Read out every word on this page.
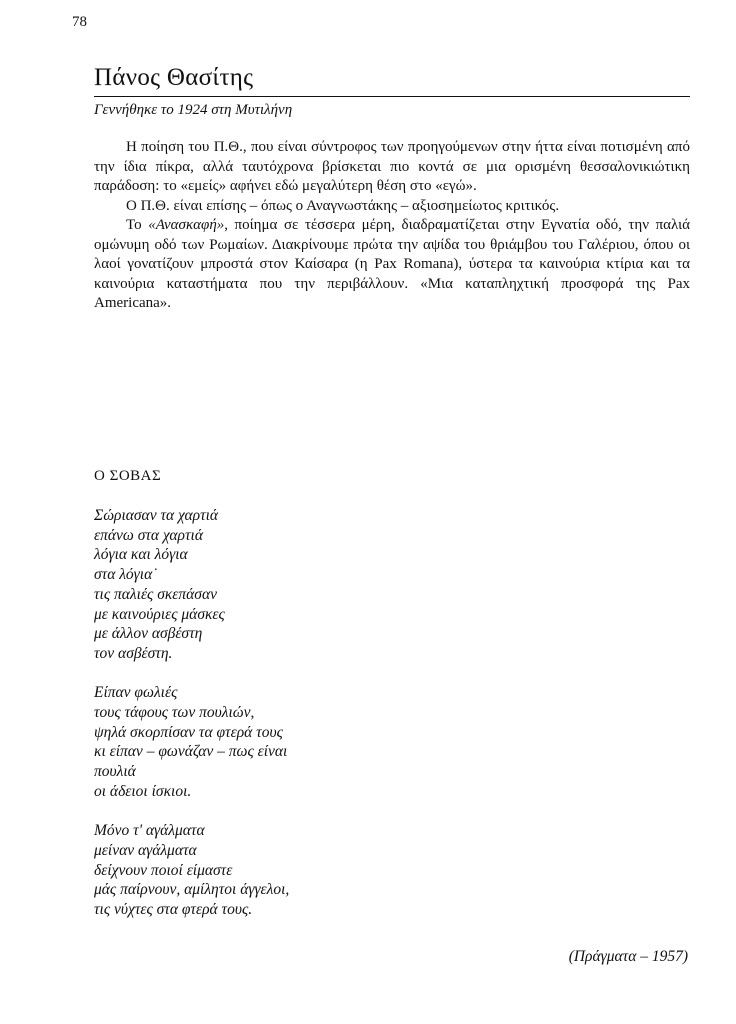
78
Πάνος Θασίτης
Γεννήθηκε το 1924 στη Μυτιλήνη

Η ποίηση του Π.Θ., που είναι σύντροφος των προηγούμενων στην ήττα είναι ποτισμένη από την ίδια πίκρα, αλλά ταυτόχρονα βρίσκεται πιο κοντά σε μια ορισμένη θεσσαλονικιώτικη παράδοση: το «εμείς» αφήνει εδώ μεγαλύτερη θέση στο «εγώ».

Ο Π.Θ. είναι επίσης – όπως ο Αναγνωστάκης – αξιοσημείωτος κριτικός.

Το «Ανασκαφή», ποίημα σε τέσσερα μέρη, διαδραματίζεται στην Εγνατία οδό, την παλιά ομώνυμη οδό των Ρωμαίων. Διακρίνουμε πρώτα την αψίδα του θριάμβου του Γαλέριου, όπου οι λαοί γονατίζουν μπροστά στον Καίσαρα (η Pax Romana), ύστερα τα καινούρια κτίρια και τα καινούρια καταστήματα που την περιβάλλουν. «Μια καταπληχτική προσφορά της Pax Americana».

Ο ΣΟΒΑΣ
Σώριασαν τα χαρτιά
επάνω στα χαρτιά
λόγια και λόγια
στα λόγια˙
τις παλιές σκεπάσαν
με καινούριες μάσκες
με άλλον ασβέστη
τον ασβέστη.
Είπαν φωλιές
τους τάφους των πουλιών,
ψηλά σκορπίσαν τα φτερά τους
κι είπαν – φωνάζαν – πως είναι
πουλιά
οι άδειοι ίσκιοι.
Μόνο τ' αγάλματα
μείναν αγάλματα
δείχνουν ποιοί είμαστε
μάς παίρνουν, αμίλητοι άγγελοι,
τις νύχτες στα φτερά τους.
(Πράγματα – 1957)
